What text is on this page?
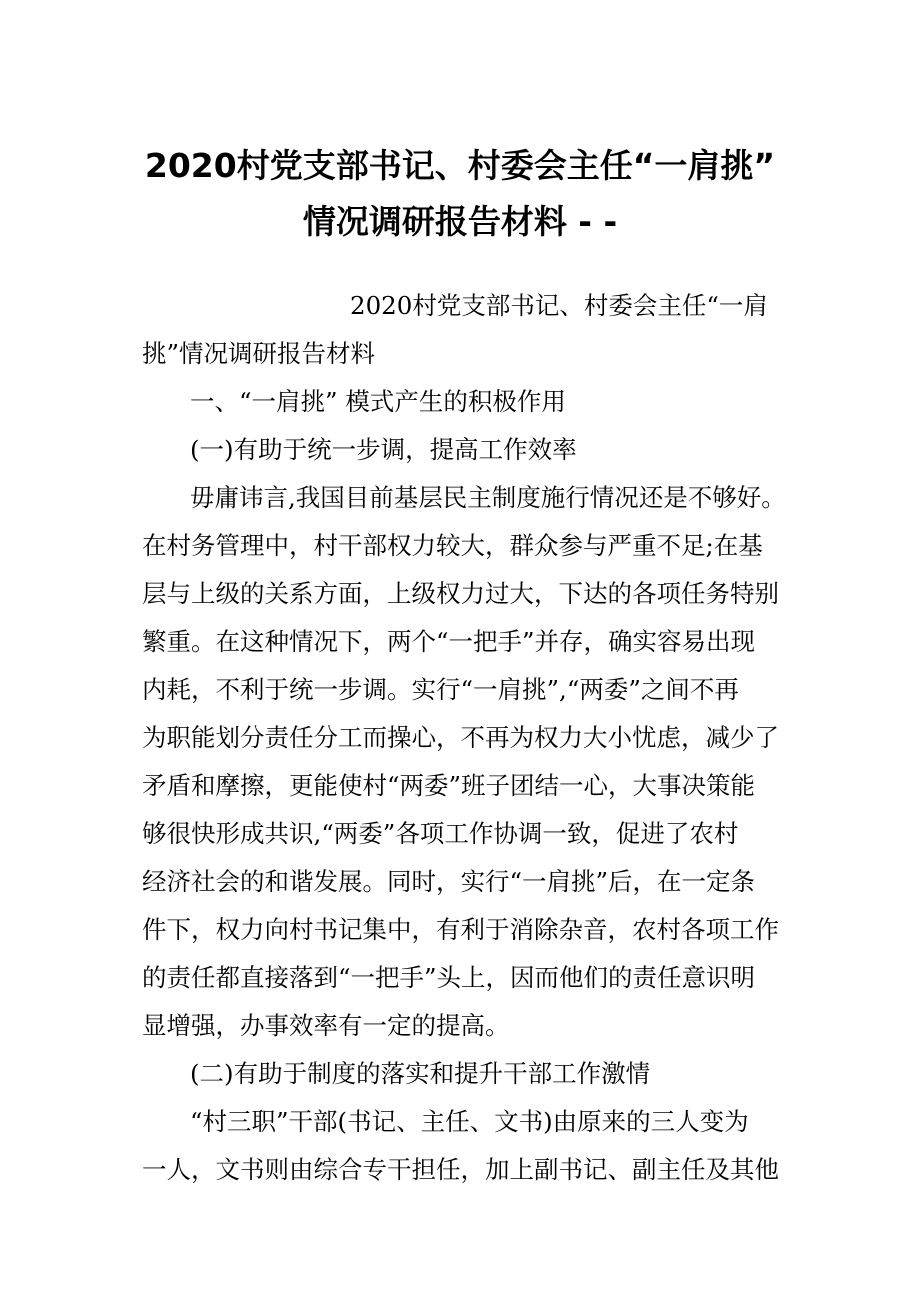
2020村党支部书记、村委会主任“一肩挑”
情况调研报告材料 - -

2020村党支部书记、村委会主任“一肩

挑”情况调研报告材料

一、“一肩挑” 模式产生的积极作用

(一)有助于统一步调，提高工作效率

毋庸讳言,我国目前基层民主制度施行情况还是不够好。

在村务管理中，村干部权力较大，群众参与严重不足;在基

层与上级的关系方面，上级权力过大，下达的各项任务特别

繁重。在这种情况下，两个“一把手”并存，确实容易出现

内耗，不利于统一步调。实行“一肩挑”,“两委”之间不再

为职能划分责任分工而操心，不再为权力大小忧虑，减少了

矛盾和摩擦，更能使村“两委”班子团结一心，大事决策能

够很快形成共识,“两委”各项工作协调一致，促进了农村

经济社会的和谐发展。同时，实行“一肩挑”后，在一定条

件下，权力向村书记集中，有利于消除杂音，农村各项工作

的责任都直接落到“一把手”头上，因而他们的责任意识明

显增强，办事效率有一定的提高。

(二)有助于制度的落实和提升干部工作激情

“村三职”干部(书记、主任、文书)由原来的三人变为

一人，文书则由综合专干担任，加上副书记、副主任及其他
